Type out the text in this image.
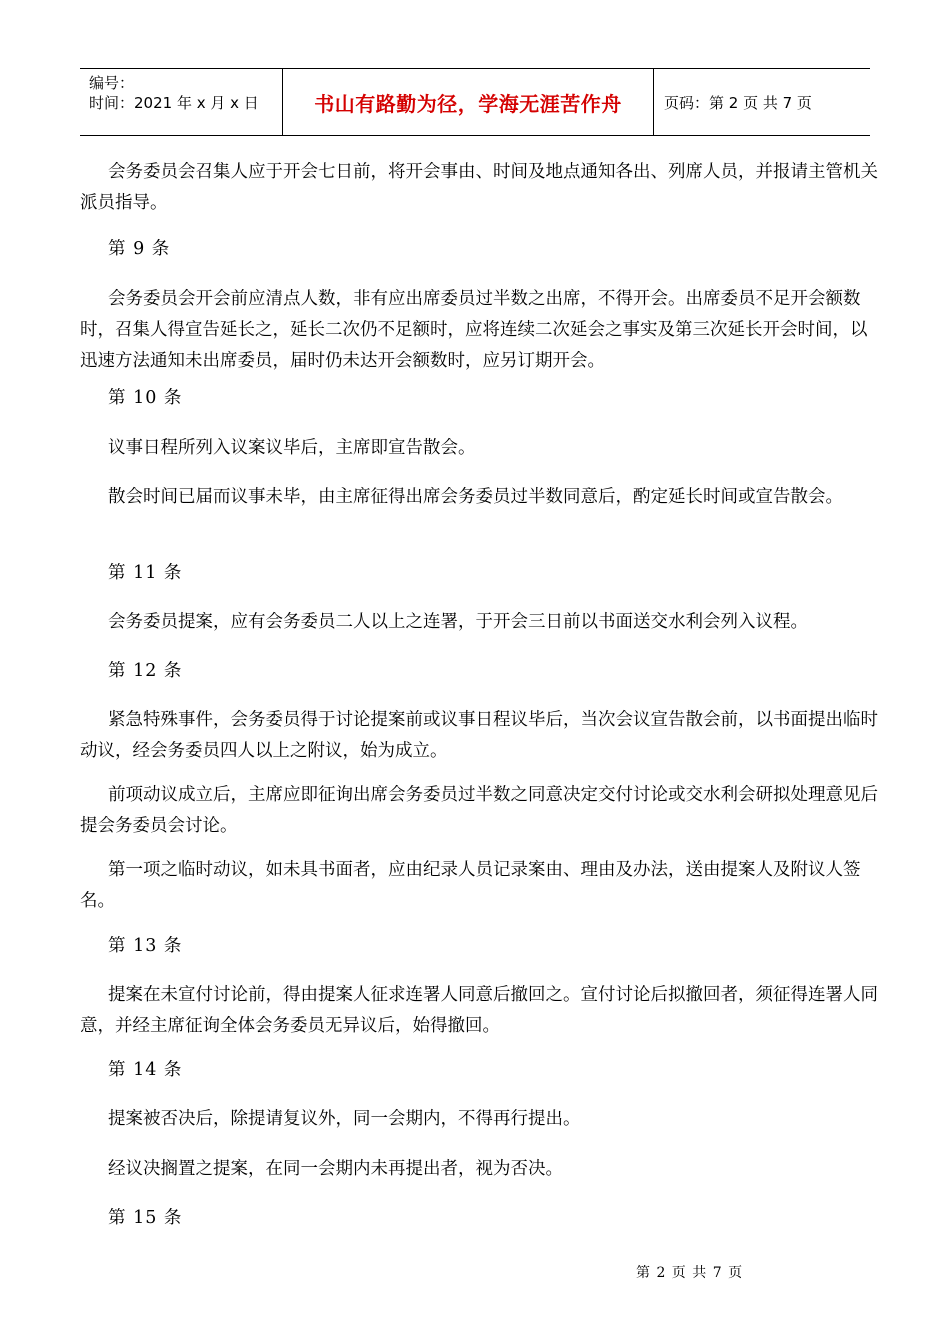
编号：
时间：2021 年 x 月 x 日	书山有路勤为径，学海无涯苦作舟	页码：第 2 页 共 7 页
会务委员会召集人应于开会七日前，将开会事由、时间及地点通知各出、列席人员，并报请主管机关派员指导。
第 9 条
会务委员会开会前应清点人数，非有应出席委员过半数之出席，不得开会。出席委员不足开会额数时，召集人得宣告延长之，延长二次仍不足额时，应将连续二次延会之事实及第三次延长开会时间，以迅速方法通知未出席委员，届时仍未达开会额数时，应另订期开会。
第 10 条
议事日程所列入议案议毕后，主席即宣告散会。
散会时间已届而议事未毕，由主席征得出席会务委员过半数同意后，酌定延长时间或宣告散会。
第 11 条
会务委员提案，应有会务委员二人以上之连署，于开会三日前以书面送交水利会列入议程。
第 12 条
紧急特殊事件，会务委员得于讨论提案前或议事日程议毕后，当次会议宣告散会前，以书面提出临时动议，经会务委员四人以上之附议，始为成立。
前项动议成立后，主席应即征询出席会务委员过半数之同意决定交付讨论或交水利会研拟处理意见后提会务委员会讨论。
第一项之临时动议，如未具书面者，应由纪录人员记录案由、理由及办法，送由提案人及附议人签名。
第 13 条
提案在未宣付讨论前，得由提案人征求连署人同意后撤回之。宣付讨论后拟撤回者，须征得连署人同意，并经主席征询全体会务委员无异议后，始得撤回。
第 14 条
提案被否决后，除提请复议外，同一会期内，不得再行提出。
经议决搁置之提案，在同一会期内未再提出者，视为否决。
第 15 条
第 2 页 共 7 页
